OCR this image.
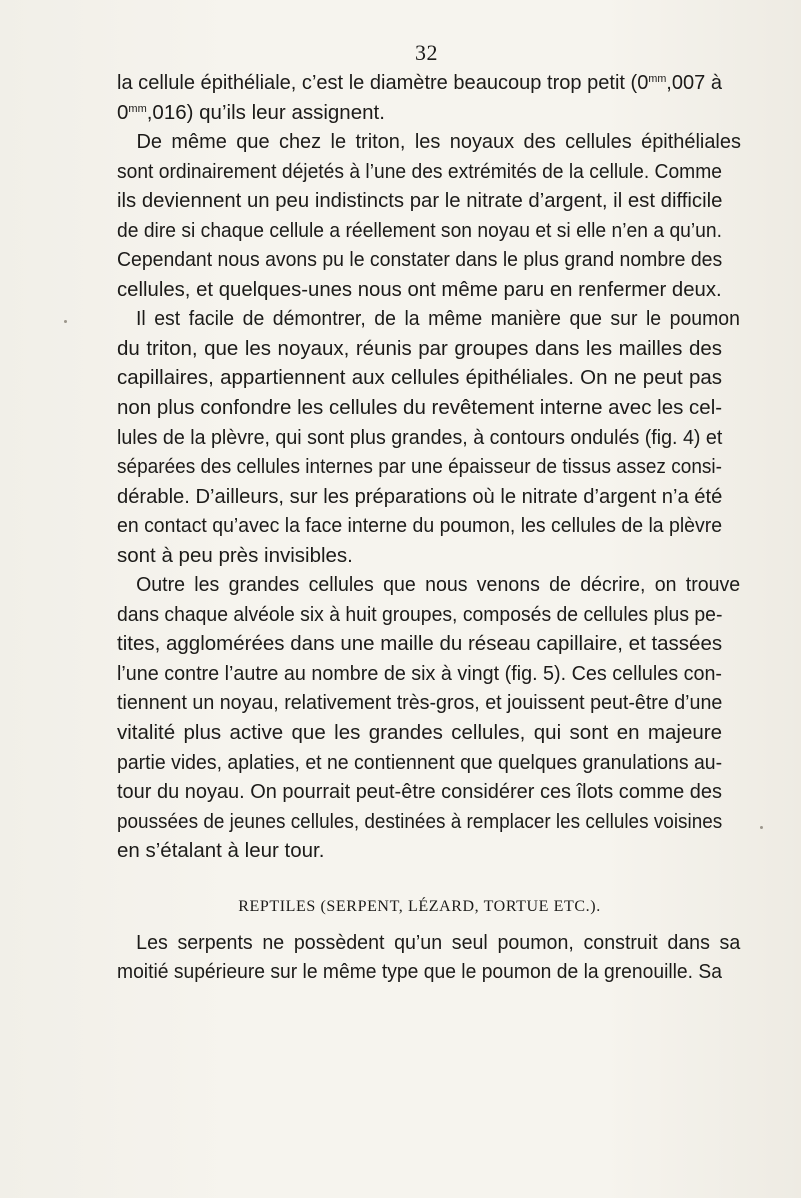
32
la cellule épithéliale, c’est le diamètre beaucoup trop petit ($0^{mm},007$ à
$0^{mm},016$) qu’ils leur assignent.
De même que chez le triton, les noyaux des cellules épithéliales
sont ordinairement déjetés à l’une des extrémités de la cellule. Comme
ils deviennent un peu indistincts par le nitrate d’argent, il est difficile
de dire si chaque cellule a réellement son noyau et si elle n’en a qu’un.
Cependant nous avons pu le constater dans le plus grand nombre des
cellules, et quelques-unes nous ont même paru en renfermer deux.
Il est facile de démontrer, de la même manière que sur le poumon
du triton, que les noyaux, réunis par groupes dans les mailles des
capillaires, appartiennent aux cellules épithéliales. On ne peut pas
non plus confondre les cellules du revêtement interne avec les cel-
lules de la plèvre, qui sont plus grandes, à contours ondulés (fig. 4) et
séparées des cellules internes par une épaisseur de tissus assez consi-
dérable. D’ailleurs, sur les préparations où le nitrate d’argent n’a été
en contact qu’avec la face interne du poumon, les cellules de la plèvre
sont à peu près invisibles.
Outre les grandes cellules que nous venons de décrire, on trouve
dans chaque alvéole six à huit groupes, composés de cellules plus pe-
tites, agglomérées dans une maille du réseau capillaire, et tassées
l’une contre l’autre au nombre de six à vingt (fig. 5). Ces cellules con-
tiennent un noyau, relativement très-gros, et jouissent peut-être d’une
vitalité plus active que les grandes cellules, qui sont en majeure
partie vides, aplaties, et ne contiennent que quelques granulations au-
tour du noyau. On pourrait peut-être considérer ces îlots comme des
poussées de jeunes cellules, destinées à remplacer les cellules voisines
en s’étalant à leur tour.
REPTILES (SERPENT, LÉZARD, TORTUE ETC.).
Les serpents ne possèdent qu’un seul poumon, construit dans sa
moitié supérieure sur le même type que le poumon de la grenouille. Sa
